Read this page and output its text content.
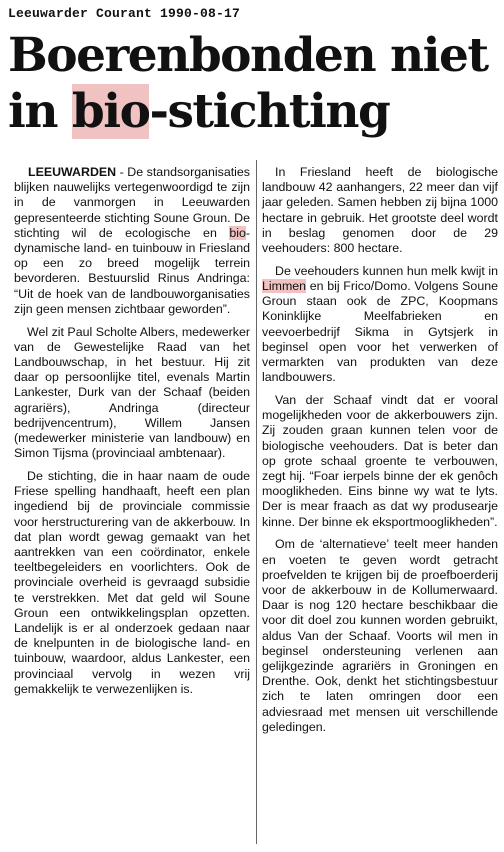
Leeuwarder Courant 1990-08-17
Boerenbonden niet
in bio-stichting

LEEUWARDEN - De standsorganisaties blijken nauwelijks vertegenwoordigd te zijn in de vanmorgen in Leeuwarden gepresenteerde stichting Soune Groun. De stichting wil de ecologische en bio-dynamische land- en tuinbouw in Friesland op een zo breed mogelijk terrein bevorderen. Bestuurslid Rinus Andringa: “Uit de hoek van de landbouworganisaties zijn geen mensen zichtbaar geworden”.

Wel zit Paul Scholte Albers, medewerker van de Gewestelijke Raad van het Landbouwschap, in het bestuur. Hij zit daar op persoonlijke titel, evenals Martin Lankester, Durk van der Schaaf (beiden agrariërs), Andringa (directeur bedrijvencentrum), Willem Jansen (medewerker ministerie van landbouw) en Simon Tijsma (provinciaal ambtenaar).

De stichting, die in haar naam de oude Friese spelling handhaaft, heeft een plan ingediend bij de provinciale commissie voor herstructurering van de akkerbouw. In dat plan wordt gewag gemaakt van het aantrekken van een coördinator, enkele teeltbegeleiders en voorlichters. Ook de provinciale overheid is gevraagd subsidie te verstrekken. Met dat geld wil Soune Groun een ontwikkelingsplan opzetten. Landelijk is er al onderzoek gedaan naar de knelpunten in de biologische land- en tuinbouw, waardoor, aldus Lankester, een provinciaal vervolg in wezen vrij gemakkelijk te verwezenlijken is.

In Friesland heeft de biologische landbouw 42 aanhangers, 22 meer dan vijf jaar geleden. Samen hebben zij bijna 1000 hectare in gebruik. Het grootste deel wordt in beslag genomen door de 29 veehouders: 800 hectare.

De veehouders kunnen hun melk kwijt in Limmen en bij Frico/Domo. Volgens Soune Groun staan ook de ZPC, Koopmans Koninklijke Meelfabrieken en veevoerbedrijf Sikma in Gytsjerk in beginsel open voor het verwerken of vermarkten van produkten van deze landbouwers.

Van der Schaaf vindt dat er vooral mogelijkheden voor de akkerbouwers zijn. Zij zouden graan kunnen telen voor de biologische veehouders. Dat is beter dan op grote schaal groente te verbouwen, zegt hij. “Foar ierpels binne der ek genôch mooglikheden. Eins binne wy wat te lyts. Der is mear fraach as dat wy produsearje kinne. Der binne ek eksportmooglikheden”.

Om de ‘alternatieve’ teelt meer handen en voeten te geven wordt getracht proefvelden te krijgen bij de proefboerderij voor de akkerbouw in de Kollumerwaard. Daar is nog 120 hectare beschikbaar die voor dit doel zou kunnen worden gebruikt, aldus Van der Schaaf. Voorts wil men in beginsel ondersteuning verlenen aan gelijkgezinde agrariërs in Groningen en Drenthe. Ook, denkt het stichtingsbestuur zich te laten omringen door een adviesraad met mensen uit verschillende geledingen.
